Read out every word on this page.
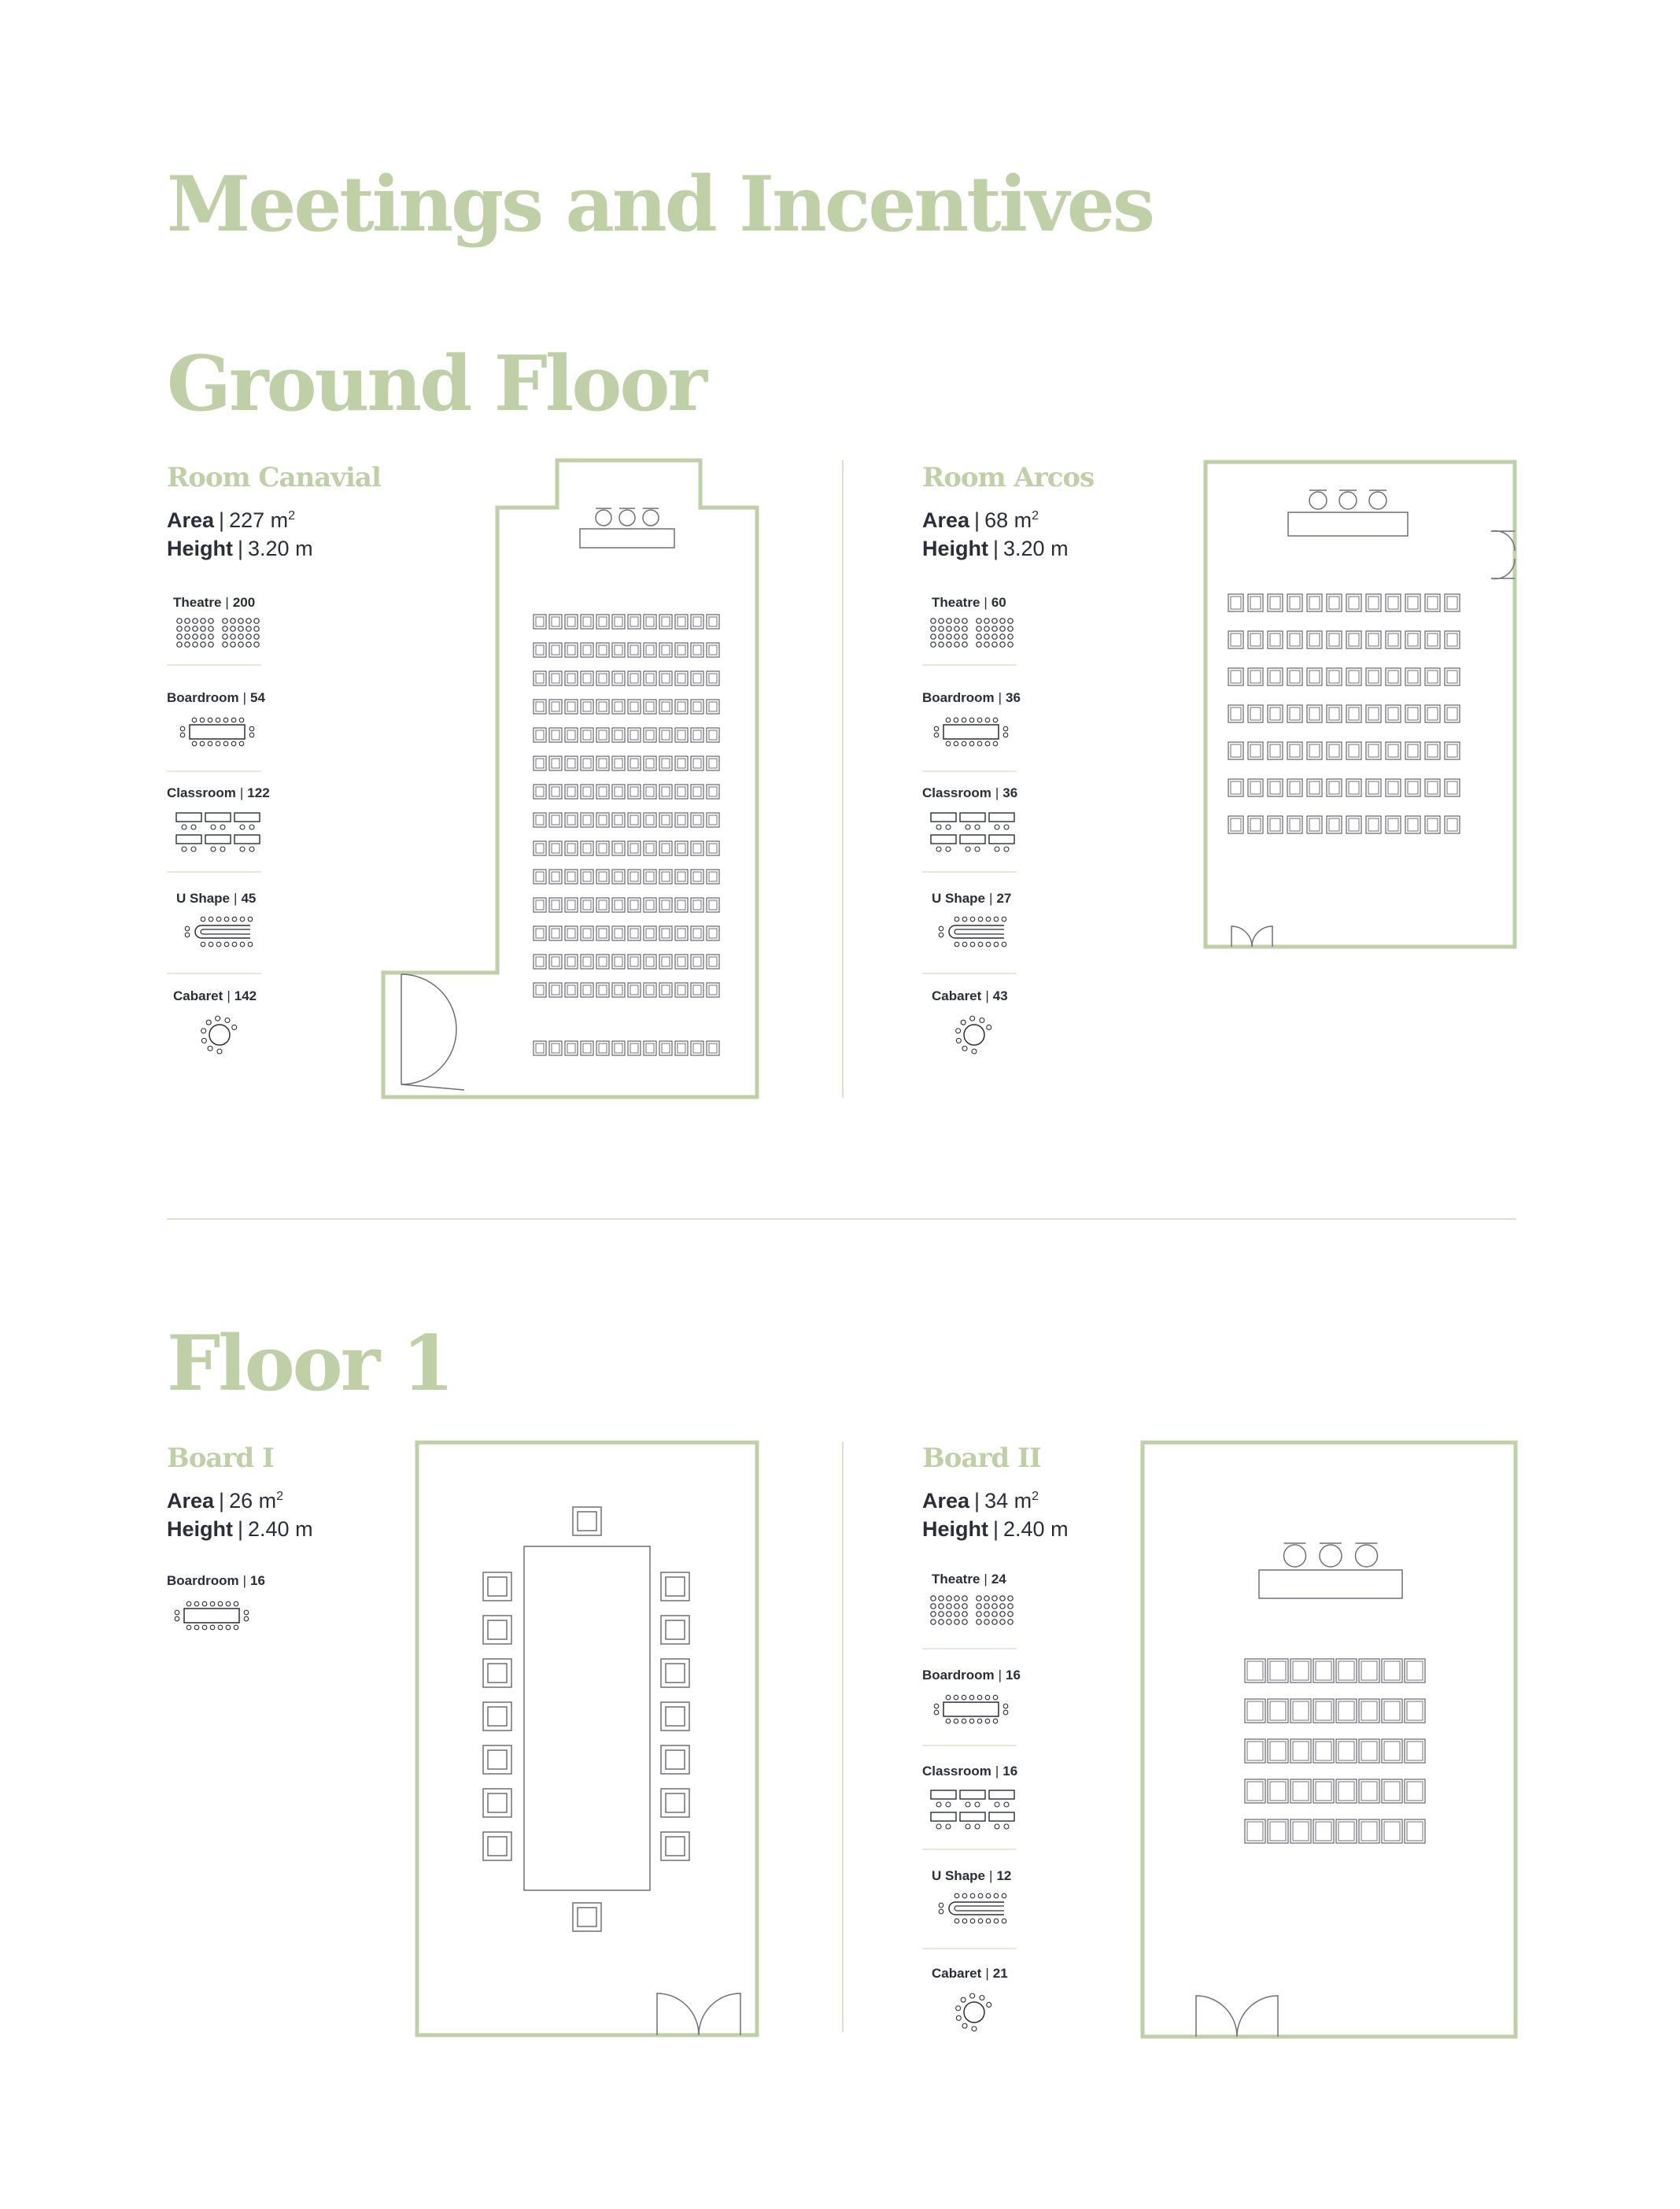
Meetings and Incentives
Ground Floor
Floor 1
Room Canavial
Area | 227 $m^2$
Height | 3.20 m
Theatre | 200
Boardroom | 54
Classroom | 122
U Shape | 45
Cabaret | 142
Room Arcos
Area | 68 $m^2$
Height | 3.20 m
Theatre | 60
Boardroom | 36
Classroom | 36
U Shape | 27
Cabaret | 43
Board I
Area | 26 $m^2$
Height | 2.40 m
Boardroom | 16
Board II
Area | 34 $m^2$
Height | 2.40 m
Theatre | 24
Boardroom | 16
Classroom | 16
U Shape | 12
Cabaret | 21
